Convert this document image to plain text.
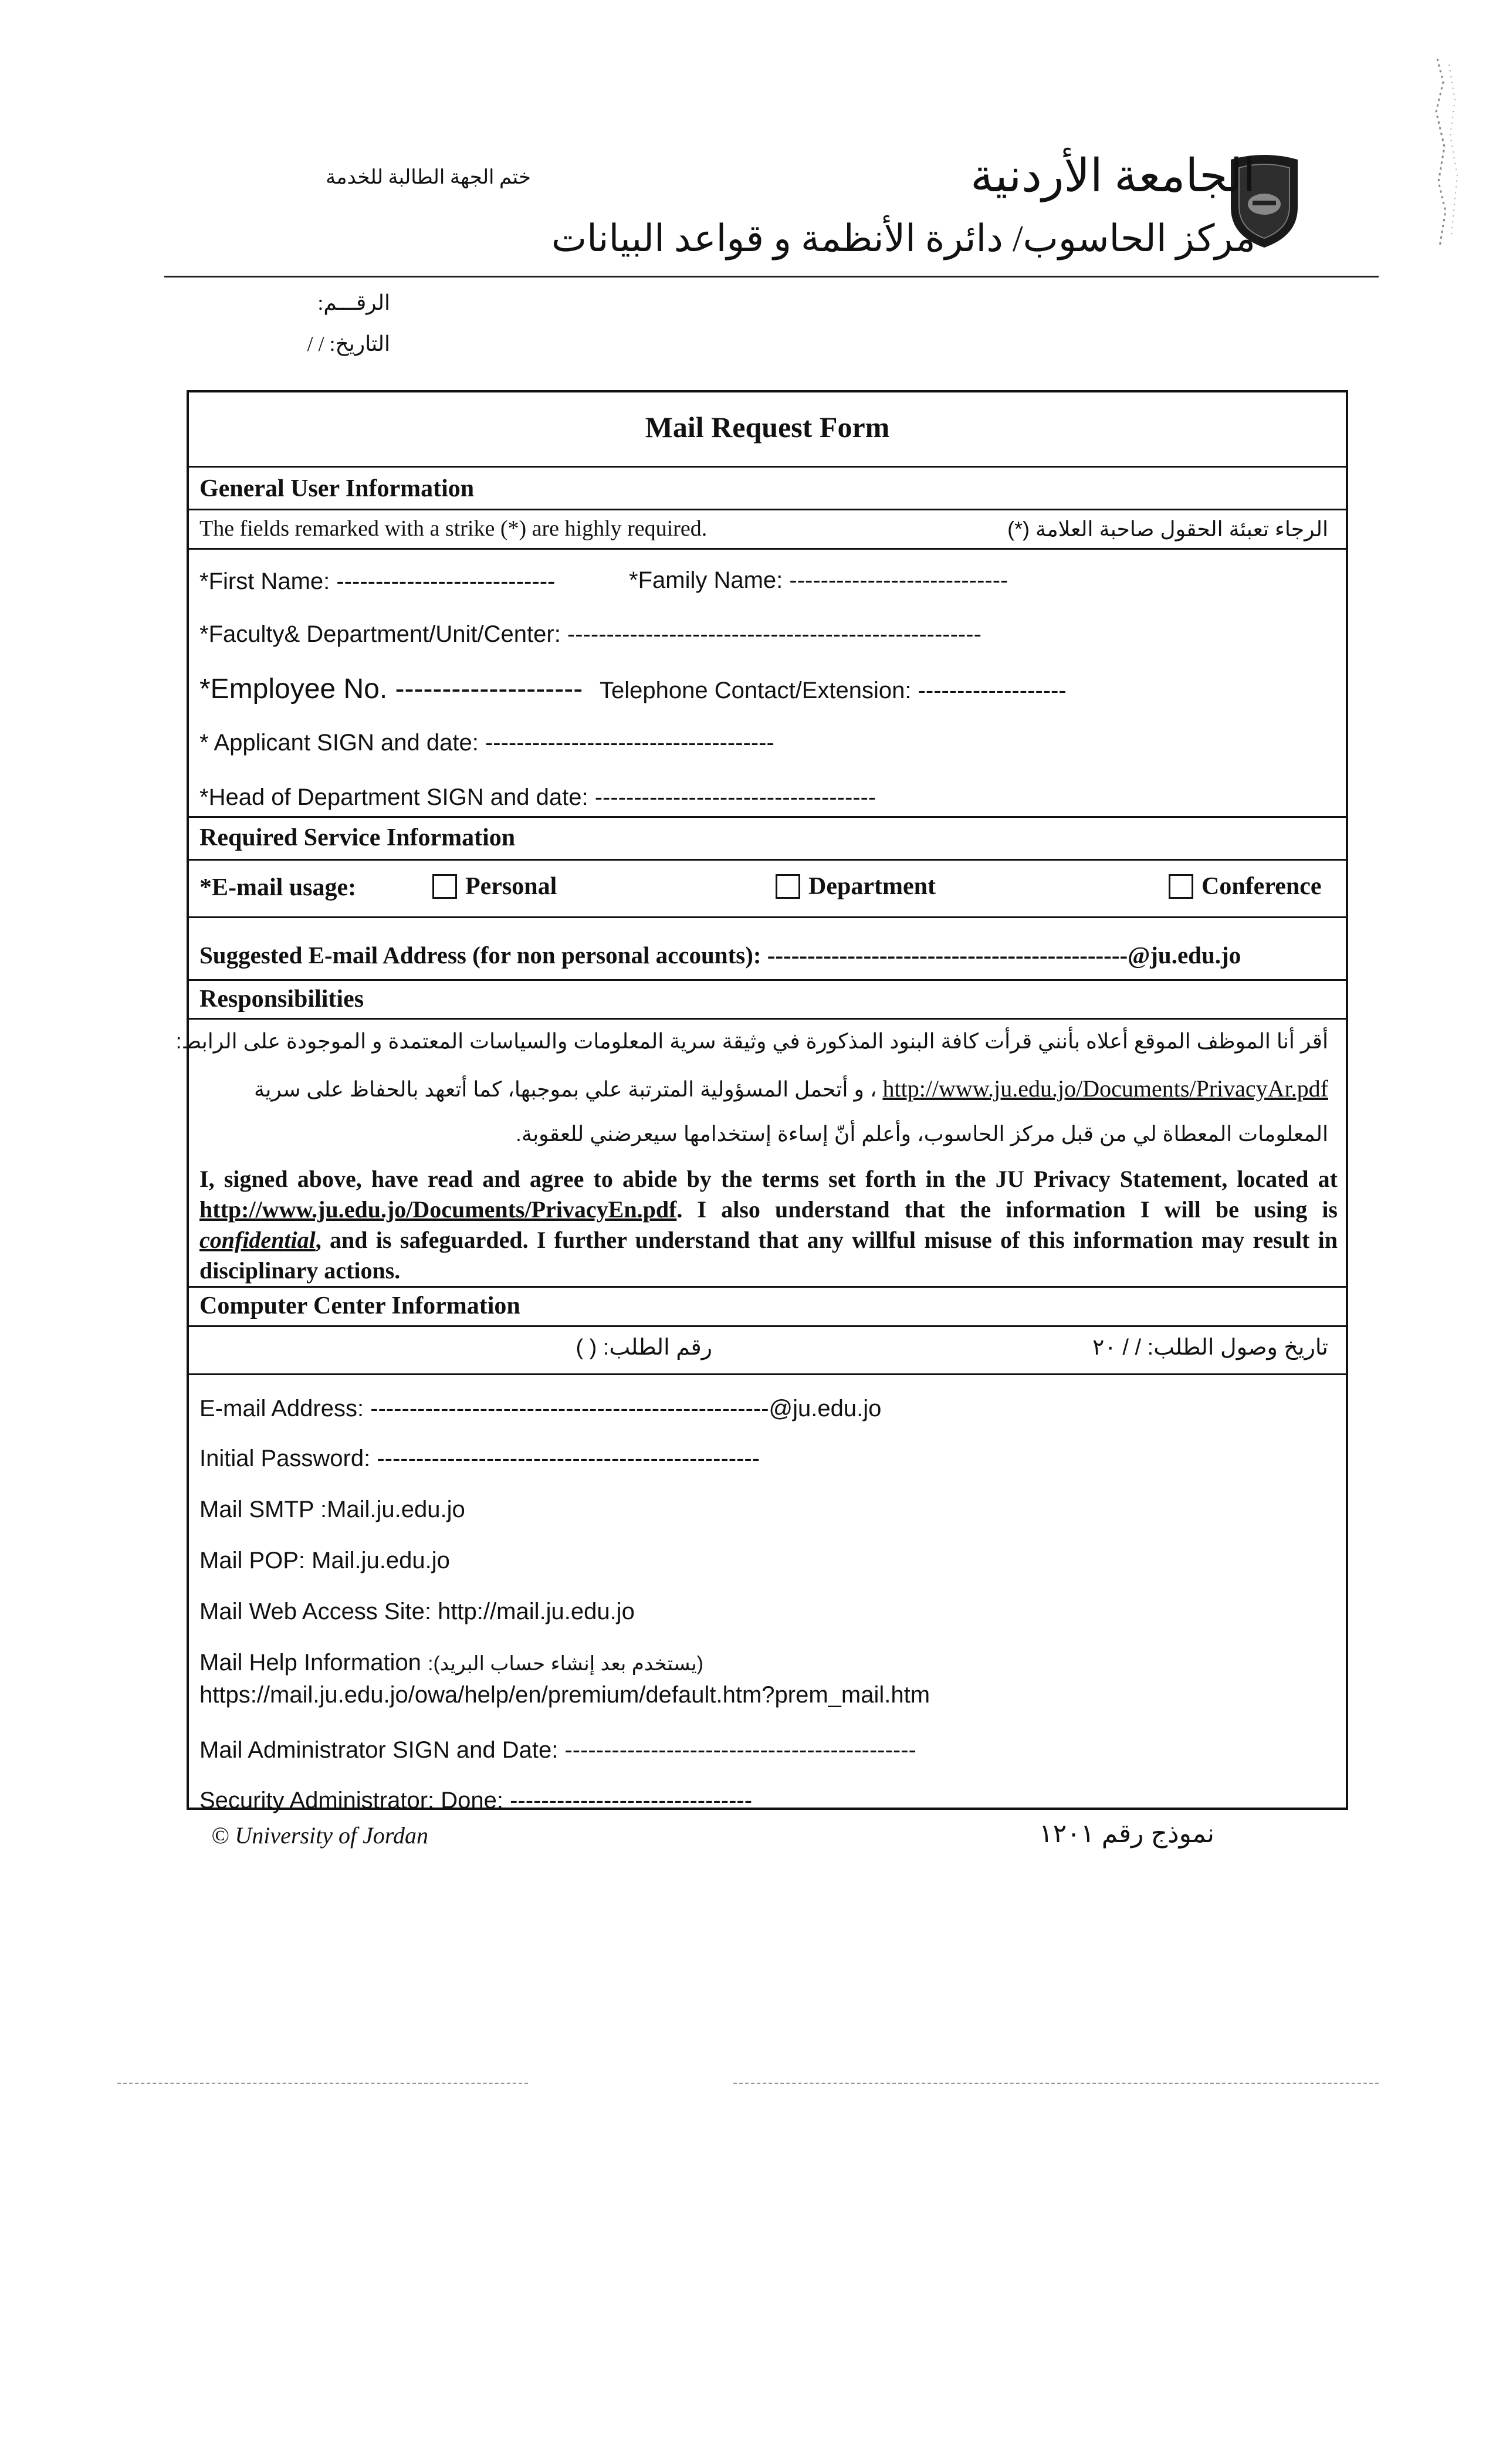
ختم الجهة الطالبة للخدمة	الجامعة الأردنية
مركز الحاسوب/ دائرة الأنظمة و قواعد البيانات
الرقـــم:
التاريخ: / /
Mail Request Form
General User Information
The fields remarked with a strike (*) are highly required.	الرجاء تعبئة الحقول صاحبة العلامة (*)
*First Name: ----------------------------	*Family Name: ----------------------------
*Faculty& Department/Unit/Center: -----------------------------------------------------
*Employee No. -------------------- Telephone Contact/Extension: -------------------
* Applicant SIGN and date: -------------------------------------
*Head of Department SIGN and date: ------------------------------------
Required Service Information
*E-mail usage:	Personal	Department	Conference
Suggested E-mail Address (for non personal accounts): ---------------------------------------------@ju.edu.jo
Responsibilities
أقر أنا الموظف الموقع أعلاه بأنني قرأت كافة البنود المذكورة في وثيقة سرية المعلومات والسياسات المعتمدة و الموجودة على الرابط:
http://www.ju.edu.jo/Documents/PrivacyAr.pdf ، و أتحمل المسؤولية المترتبة علي بموجبها، كما أتعهد بالحفاظ على سرية
المعلومات المعطاة لي من قبل مركز الحاسوب، وأعلم أنّ إساءة إستخدامها سيعرضني للعقوبة.
I, signed above, have read and agree to abide by the terms set forth in the JU Privacy Statement, located at http://www.ju.edu.jo/Documents/PrivacyEn.pdf. I also understand that the information I will be using is confidential, and is safeguarded. I further understand that any willful misuse of this information may result in disciplinary actions.
Computer Center Information
تاريخ وصول الطلب: / / ٢٠
رقم الطلب: ( )
E-mail Address: ---------------------------------------------------@ju.edu.jo
Initial Password: -------------------------------------------------
Mail SMTP :Mail.ju.edu.jo
Mail POP: Mail.ju.edu.jo
Mail Web Access Site: http://mail.ju.edu.jo
Mail Help Information (يستخدم بعد إنشاء حساب البريد):
https://mail.ju.edu.jo/owa/help/en/premium/default.htm?prem_mail.htm
Mail Administrator SIGN and Date: ---------------------------------------------
Security Administrator: Done: -------------------------------
© University of Jordan	نموذج رقم ١٢٠١
